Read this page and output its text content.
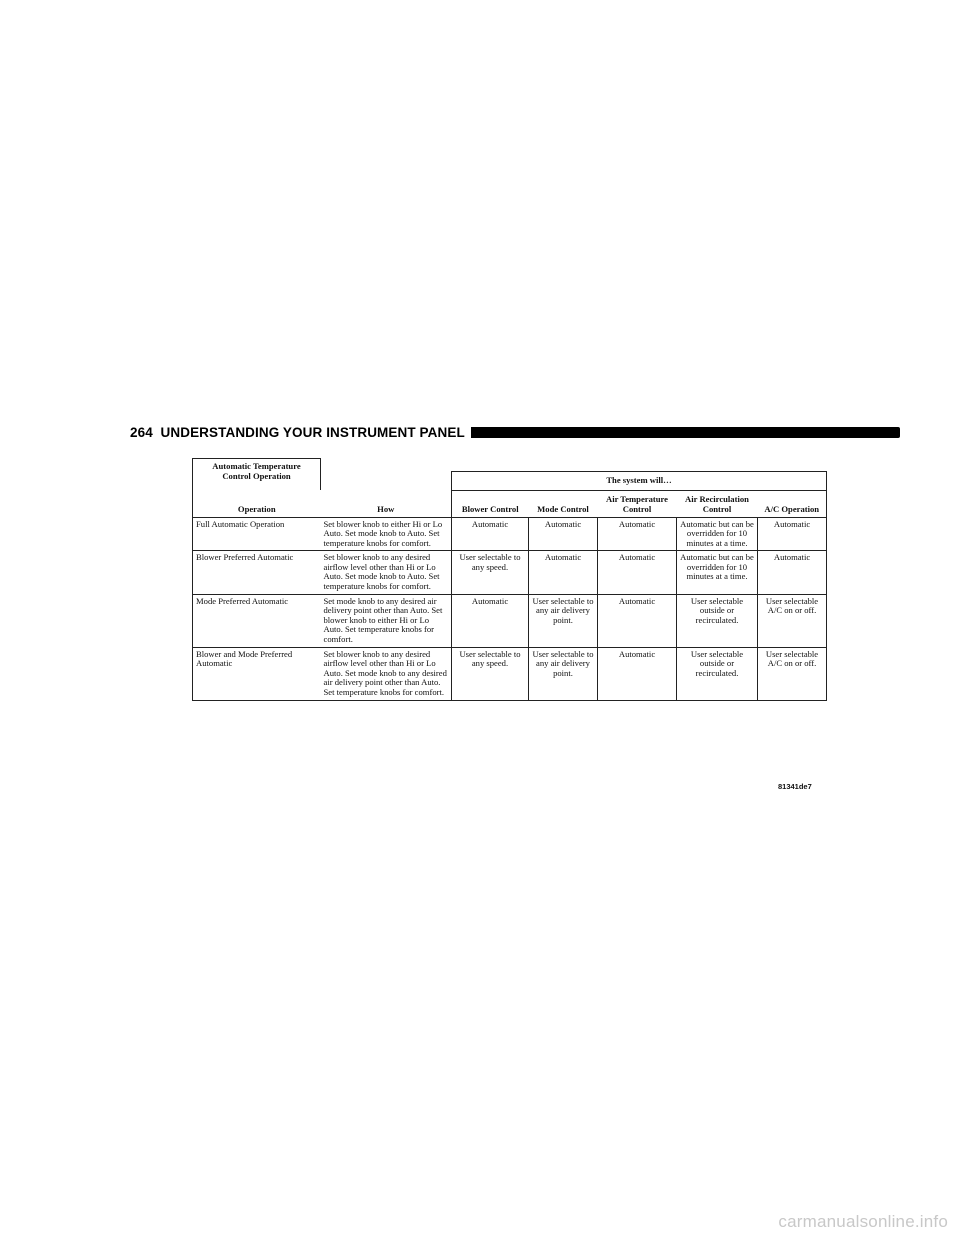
264 UNDERSTANDING YOUR INSTRUMENT PANEL
Automatic Temperature
Control Operation						
		The system will…				
Operation	How	Blower Control	Mode Control	Air Temperature Control	Air Recirculation Control	A/C Operation
Full Automatic Operation	Set blower knob to either Hi or Lo Auto. Set mode knob to Auto. Set temperature knobs for comfort.	Automatic	Automatic	Automatic	Automatic but can be overridden for 10 minutes at a time.	Automatic
Blower Preferred Automatic	Set blower knob to any desired airflow level other than Hi or Lo Auto. Set mode knob to Auto. Set temperature knobs for comfort.	User selectable to any speed.	Automatic	Automatic	Automatic but can be overridden for 10 minutes at a time.	Automatic
Mode Preferred Automatic	Set mode knob to any desired air delivery point other than Auto. Set blower knob to either Hi or Lo Auto. Set temperature knobs for comfort.	Automatic	User selectable to any air delivery point.	Automatic	User selectable outside or recirculated.	User selectable A/C on or off.
Blower and Mode Preferred Automatic	Set blower knob to any desired airflow level other than Hi or Lo Auto. Set mode knob to any desired air delivery point other than Auto. Set temperature knobs for comfort.	User selectable to any speed.	User selectable to any air delivery point.	Automatic	User selectable outside or recirculated.	User selectable A/C on or off.
81341de7
carmanualsonline.info
